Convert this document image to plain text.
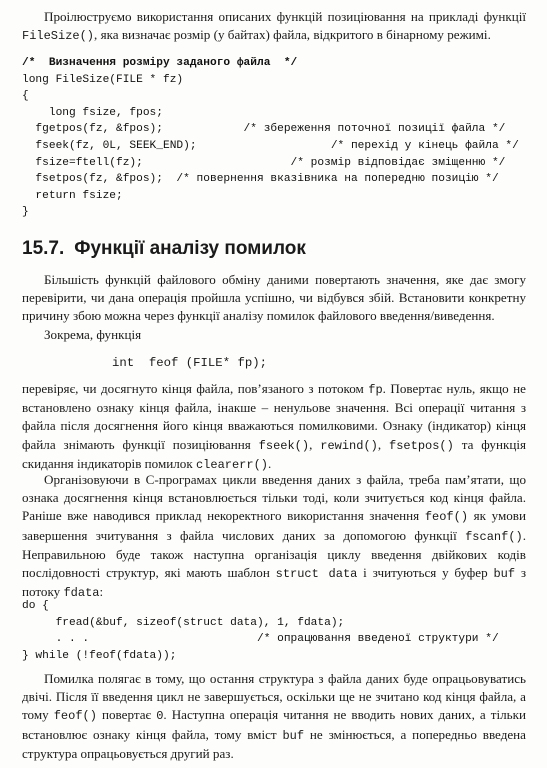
Проілюструємо використання описаних функцій позиціювання на прикладі функції FileSize(), яка визначає розмір (у байтах) файла, відкритого в бінарному режимі.

/*  Визначення розміру заданого файла  */
long FileSize(FILE * fz)
{
long fsize, fpos;
fgetpos(fz, &fpos);            /* збереження поточної позиції файла */
fseek(fz, 0L, SEEK_END);                    /* перехід у кінець файла */
fsize=ftell(fz);                      /* розмір відповідає зміщенню */
fsetpos(fz, &fpos);  /* повернення вказівника на попередню позицію */
return fsize;
}
15.7. Функції аналізу помилок

Більшість функцій файлового обміну даними повертають значення, яке дає змогу перевірити, чи дана операція пройшла успішно, чи відбувся збій. Встановити конкретну причину збою можна через функції аналізу помилок файлового введення/виведення.

Зокрема, функція

int  feof (FILE* fp);

перевіряє, чи досягнуто кінця файла, пов’язаного з потоком fp. Повертає нуль, якщо не встановлено ознаку кінця файла, інакше – ненульове значення. Всі операції читання з файла після досягнення його кінця вважаються помилковими. Ознаку (індикатор) кінця файла знімають функції позиціювання fseek(), rewind(), fsetpos() та функція скидання індикаторів помилок clearerr().

Організовуючи в С-програмах цикли введення даних з файла, треба пам’ятати, що ознака досягнення кінця встановлюється тільки тоді, коли зчитується код кінця файла. Раніше вже наводився приклад некоректного використання значення feof() як умови завершення зчитування з файла числових даних за допомогою функції fscanf(). Неправильною буде також наступна організація циклу введення двійкових кодів послідовності структур, які мають шаблон struct data і зчитуються у буфер buf з потоку fdata:

do {
fread(&buf, sizeof(struct data), 1, fdata);
. . .                         /* опрацювання введеної структури */
} while (!feof(fdata));

Помилка полягає в тому, що остання структура з файла даних буде опрацьовуватись двічі. Після її введення цикл не завершується, оскільки ще не зчитано код кінця файла, а тому feof() повертає 0. Наступна операція читання не вводить нових даних, а тільки встановлює ознаку кінця файла, тому вміст buf не змінюється, а попередньо введена структура опрацьовується другий раз.
